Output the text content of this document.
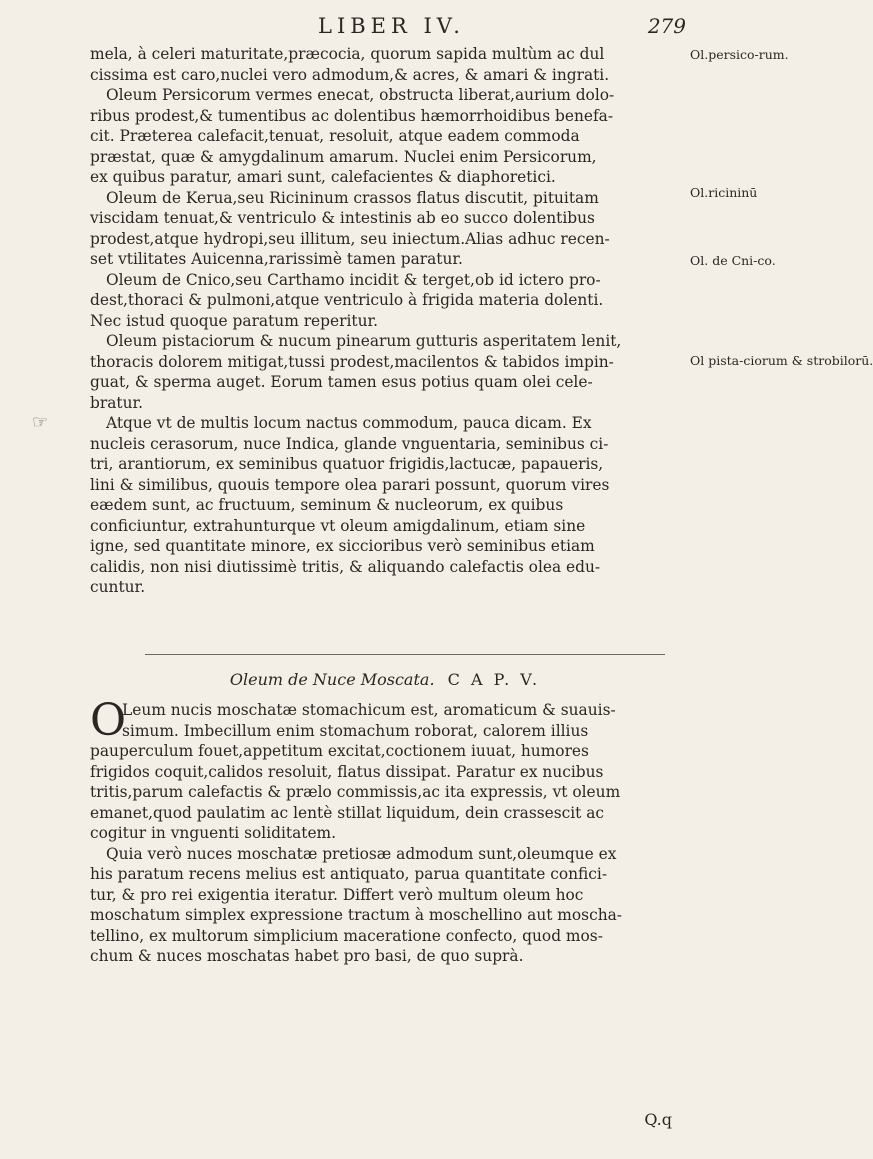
LIBER IV.	279
☞
mela, à celeri maturitate,præcocia, quorum sapida multùm ac dul
cissima est caro,nuclei vero admodum,& acres, & amari & ingrati.
Oleum Persicorum vermes enecat, obstructa liberat,aurium dolo-
ribus prodest,& tumentibus ac dolentibus hæmorrhoidibus benefa-
cit. Præterea calefacit,tenuat, resoluit, atque eadem commoda
præstat, quæ & amygdalinum amarum. Nuclei enim Persicorum,
ex quibus paratur, amari sunt, calefacientes & diaphoretici.
Oleum de Kerua,seu Ricininum crassos flatus discutit, pituitam
viscidam tenuat,& ventriculo & intestinis ab eo succo dolentibus
prodest,atque hydropi,seu illitum, seu iniectum.Alias adhuc recen-
set vtilitates Auicenna,rarissimè tamen paratur.
Oleum de Cnico,seu Carthamo incidit & terget,ob id ictero pro-
dest,thoraci & pulmoni,atque ventriculo à frigida materia dolenti.
Nec istud quoque paratum reperitur.
Oleum pistaciorum & nucum pinearum gutturis asperitatem lenit,
thoracis dolorem mitigat,tussi prodest,macilentos & tabidos impin-
guat, & sperma auget. Eorum tamen esus potius quam olei cele-
bratur.
Atque vt de multis locum nactus commodum, pauca dicam. Ex
nucleis cerasorum, nuce Indica, glande vnguentaria, seminibus ci-
tri, arantiorum, ex seminibus quatuor frigidis,lactucæ, papaueris,
lini & similibus, quouis tempore olea parari possunt, quorum vires
eædem sunt, ac fructuum, seminum & nucleorum, ex quibus
conficiuntur, extrahunturque vt oleum amigdalinum, etiam sine
igne, sed quantitate minore, ex siccioribus verò seminibus etiam
calidis, non nisi diutissimè tritis, & aliquando calefactis olea edu-
cuntur.
Ol.persico-rum.
Ol.ricininū
Ol. de Cni-co.
Ol pista-ciorum & strobilorū.
Oleum de Nuce Moscata. C A P. V.
O
Leum nucis moschatæ stomachicum est, aromaticum & suauis-
simum. Imbecillum enim stomachum roborat, calorem illius
pauperculum fouet,appetitum excitat,coctionem iuuat, humores
frigidos coquit,calidos resoluit, flatus dissipat. Paratur ex nucibus
tritis,parum calefactis & prælo commissis,ac ita expressis, vt oleum
emanet,quod paulatim ac lentè stillat liquidum, dein crassescit ac
cogitur in vnguenti soliditatem.
Quia verò nuces moschatæ pretiosæ admodum sunt,oleumque ex
his paratum recens melius est antiquato, parua quantitate confici-
tur, & pro rei exigentia iteratur. Differt verò multum oleum hoc
moschatum simplex expressione tractum à moschellino aut moscha-
tellino, ex multorum simplicium maceratione confecto, quod mos-
chum & nuces moschatas habet pro basi, de quo suprà.
Q.q
